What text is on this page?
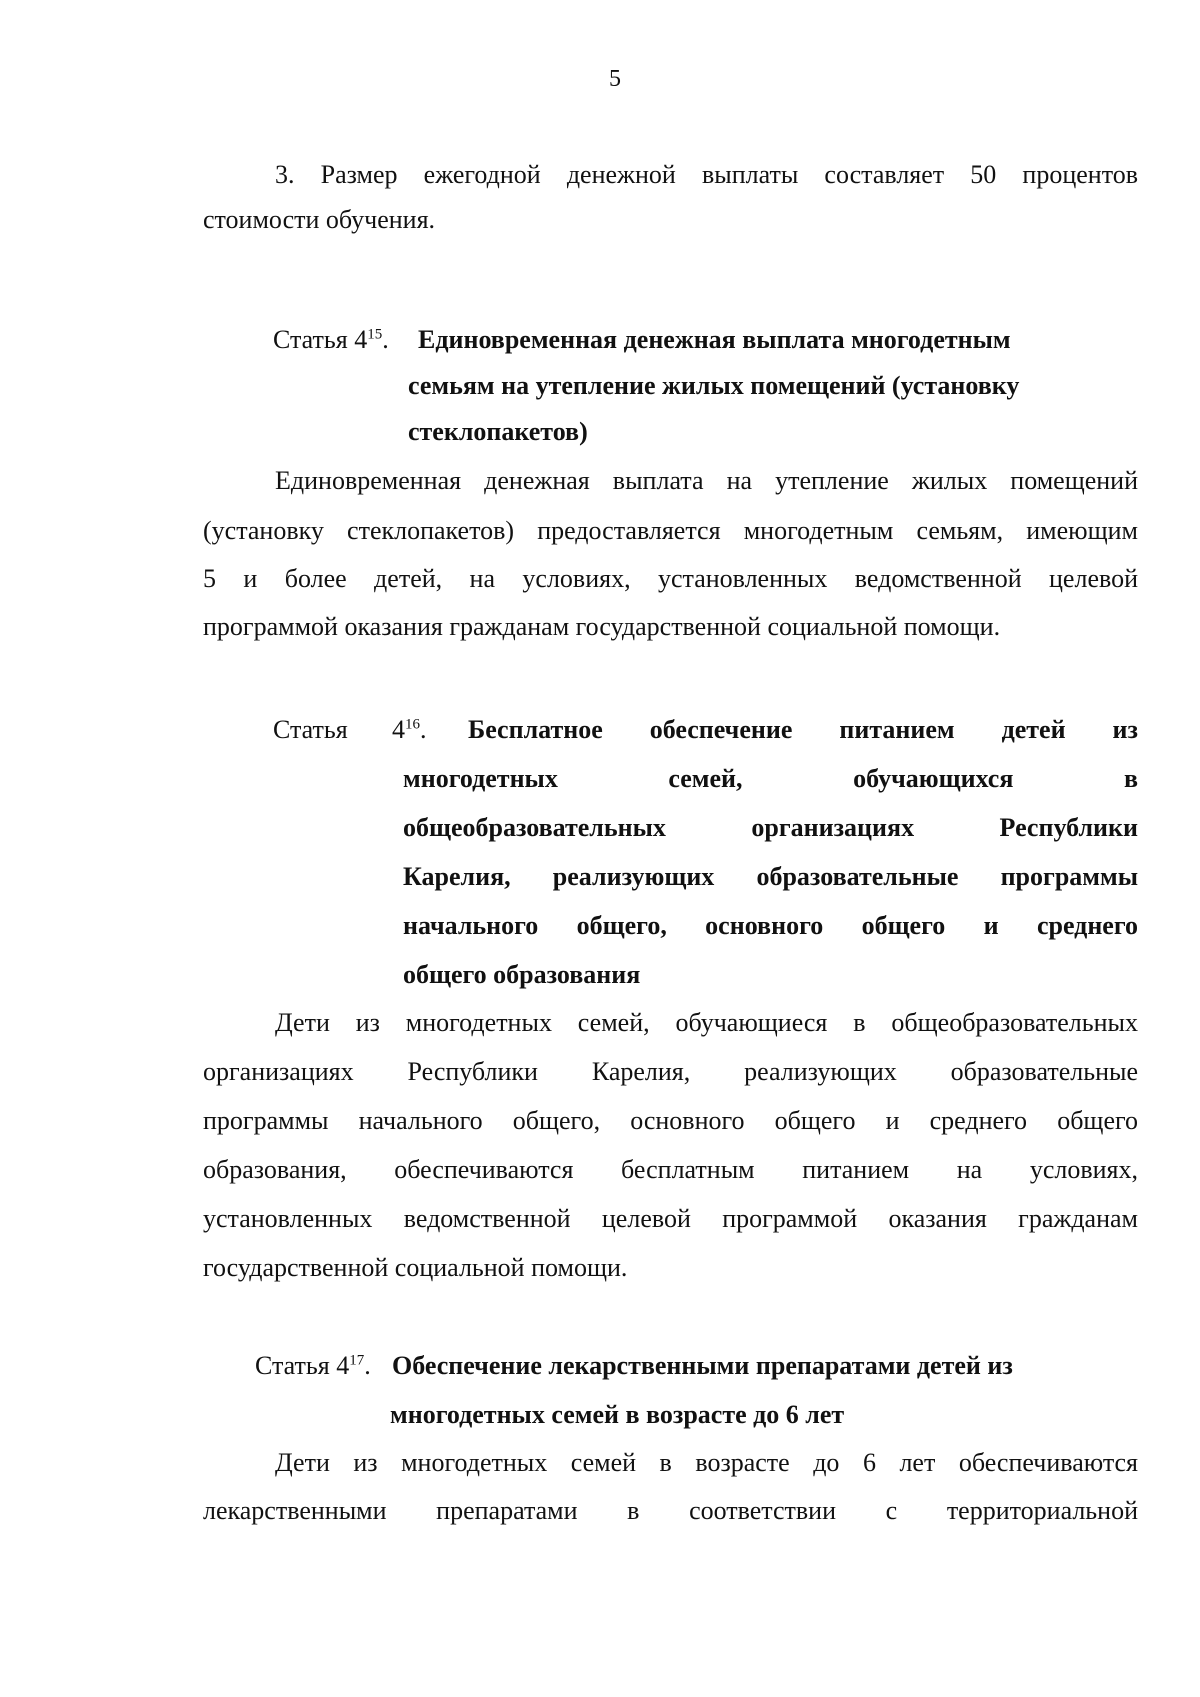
5
3. Размер ежегодной денежной выплаты составляет 50 процентов
стоимости обучения.
Статья $4^{15}$. Единовременная денежная выплата многодетным
семьям на утепление жилых помещений (установку
стеклопакетов)
Единовременная денежная выплата на утепление жилых помещений
(установку стеклопакетов) предоставляется многодетным семьям, имеющим
5 и более детей, на условиях, установленных ведомственной целевой
программой оказания гражданам государственной социальной помощи.
Статья $4^{16}$. Бесплатное обеспечение питанием детей из
многодетных семей, обучающихся в
общеобразовательных организациях Республики
Карелия, реализующих образовательные программы
начального общего, основного общего и среднего
общего образования
Дети из многодетных семей, обучающиеся в общеобразовательных
организациях Республики Карелия, реализующих образовательные
программы начального общего, основного общего и среднего общего
образования, обеспечиваются бесплатным питанием на условиях,
установленных ведомственной целевой программой оказания гражданам
государственной социальной помощи.
Статья $4^{17}$. Обеспечение лекарственными препаратами детей из
многодетных семей в возрасте до 6 лет
Дети из многодетных семей в возрасте до 6 лет обеспечиваются
лекарственными препаратами в соответствии с территориальной
